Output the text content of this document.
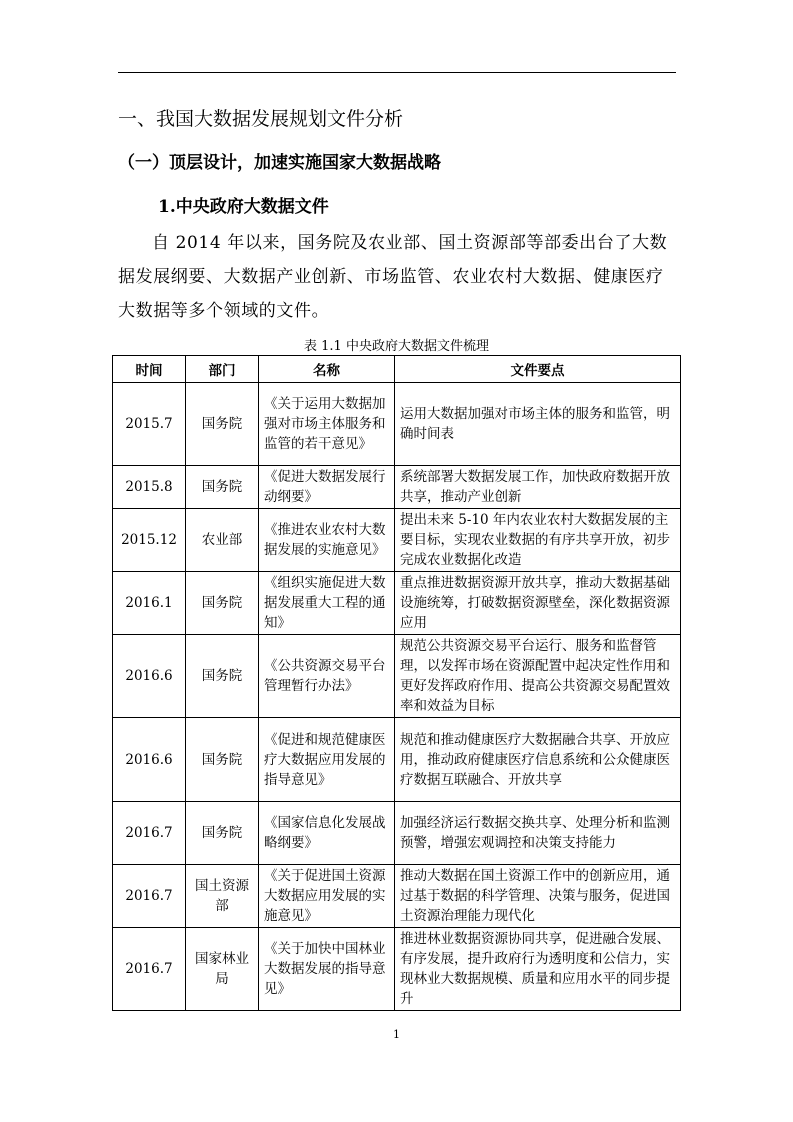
一、我国大数据发展规划文件分析
（一）顶层设计，加速实施国家大数据战略
1.中央政府大数据文件

自 2014 年以来，国务院及农业部、国土资源部等部委出台了大数据发展纲要、大数据产业创新、市场监管、农业农村大数据、健康医疗大数据等多个领域的文件。

表 1.1 中央政府大数据文件梳理
时间	部门	名称	文件要点
2015.7	国务院	《关于运用大数据加强对市场主体服务和监管的若干意见》	运用大数据加强对市场主体的服务和监管，明确时间表
2015.8	国务院	《促进大数据发展行动纲要》	系统部署大数据发展工作，加快政府数据开放共享，推动产业创新
2015.12	农业部	《推进农业农村大数据发展的实施意见》	提出未来 5-10 年内农业农村大数据发展的主要目标，实现农业数据的有序共享开放，初步完成农业数据化改造
2016.1	国务院	《组织实施促进大数据发展重大工程的通知》	重点推进数据资源开放共享，推动大数据基础设施统筹，打破数据资源壁垒，深化数据资源应用
2016.6	国务院	《公共资源交易平台管理暂行办法》	规范公共资源交易平台运行、服务和监督管理，以发挥市场在资源配置中起决定性作用和更好发挥政府作用、提高公共资源交易配置效率和效益为目标
2016.6	国务院	《促进和规范健康医疗大数据应用发展的指导意见》	规范和推动健康医疗大数据融合共享、开放应用，推动政府健康医疗信息系统和公众健康医疗数据互联融合、开放共享
2016.7	国务院	《国家信息化发展战略纲要》	加强经济运行数据交换共享、处理分析和监测预警，增强宏观调控和决策支持能力
2016.7	国土资源部	《关于促进国土资源大数据应用发展的实施意见》	推动大数据在国土资源工作中的创新应用，通过基于数据的科学管理、决策与服务，促进国土资源治理能力现代化
2016.7	国家林业局	《关于加快中国林业大数据发展的指导意见》	推进林业数据资源协同共享，促进融合发展、有序发展，提升政府行为透明度和公信力，实现林业大数据规模、质量和应用水平的同步提升
1
